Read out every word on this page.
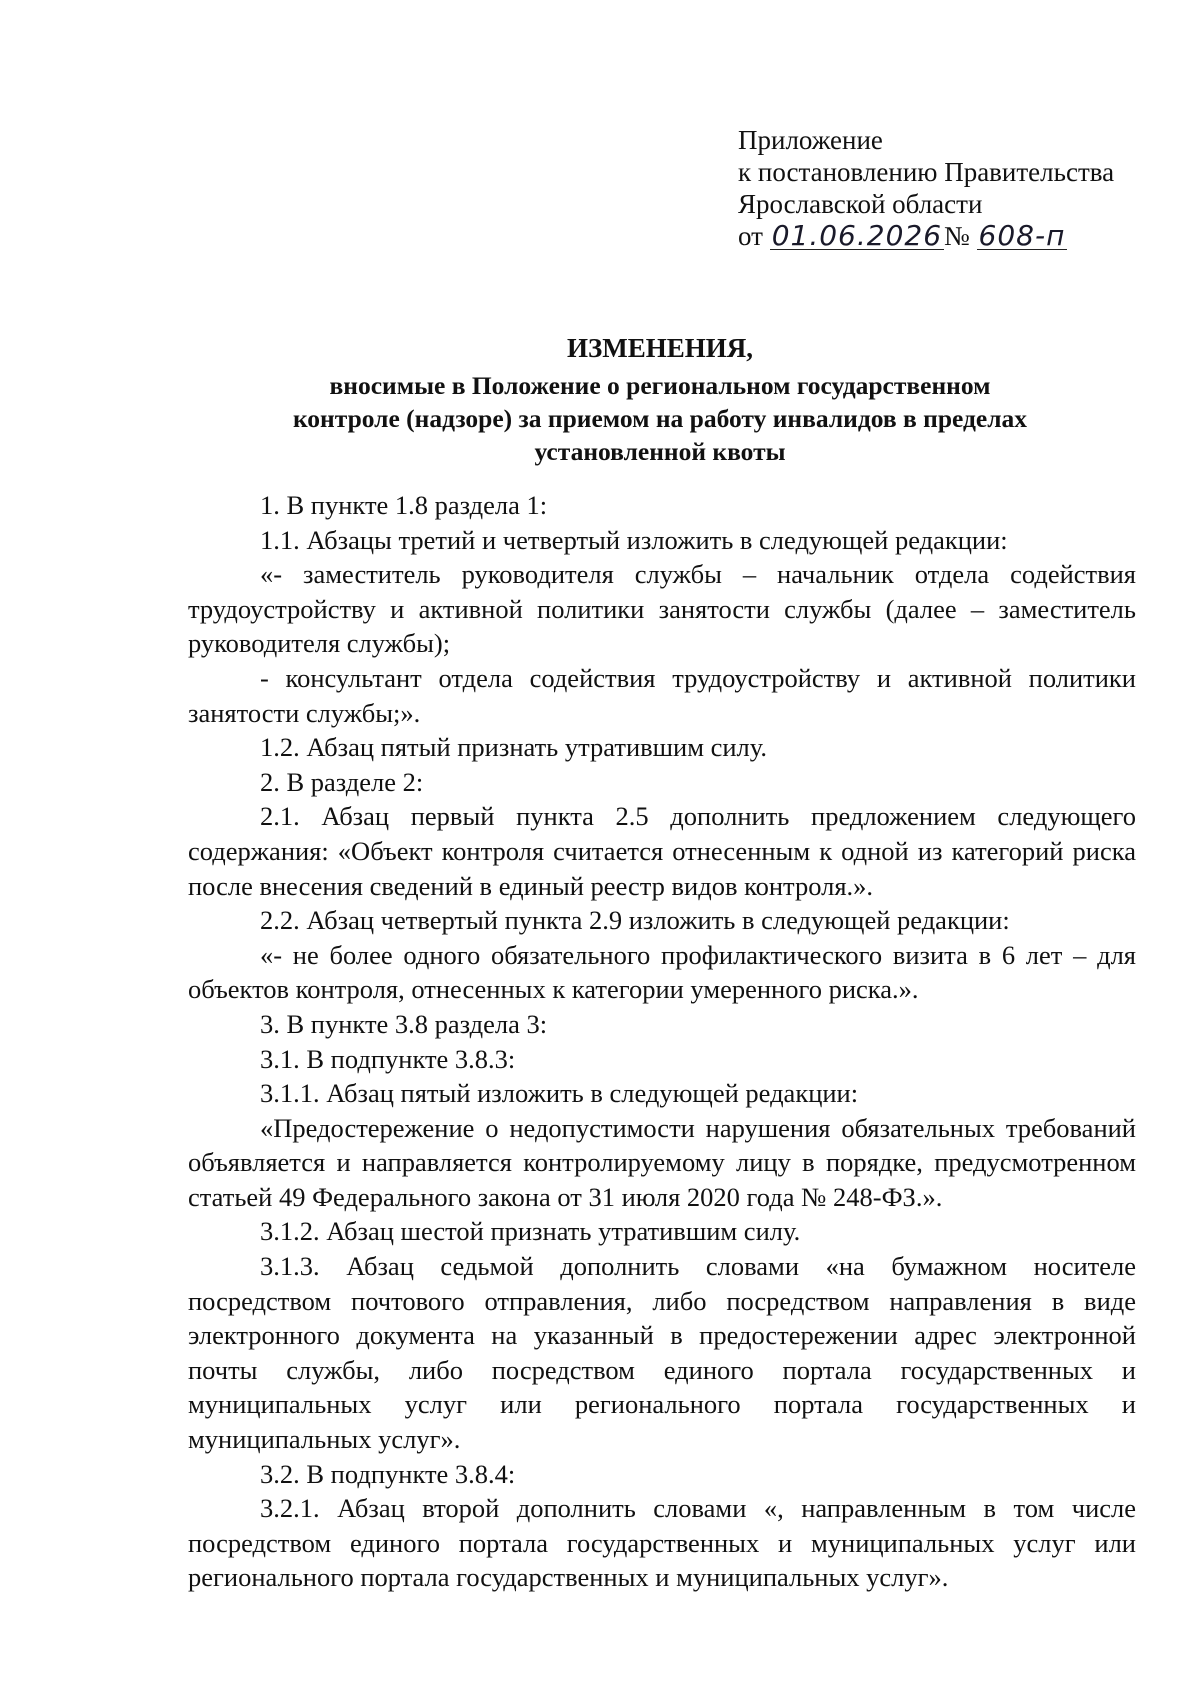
Приложение
к постановлению Правительства
Ярославской области
от 01.06.2026№ 608-п
ИЗМЕНЕНИЯ,
вносимые в Положение о региональном государственном
контроле (надзоре) за приемом на работу инвалидов в пределах
установленной квоты

1. В пункте 1.8 раздела 1:

1.1. Абзацы третий и четвертый изложить в следующей редакции:

«- заместитель руководителя службы – начальник отдела содействия трудоустройству и активной политики занятости службы (далее – заместитель руководителя службы);

- консультант отдела содействия трудоустройству и активной политики занятости службы;».

1.2. Абзац пятый признать утратившим силу.

2. В разделе 2:

2.1. Абзац первый пункта 2.5 дополнить предложением следующего содержания: «Объект контроля считается отнесенным к одной из категорий риска после внесения сведений в единый реестр видов контроля.».

2.2. Абзац четвертый пункта 2.9 изложить в следующей редакции:

«- не более одного обязательного профилактического визита в 6 лет – для объектов контроля, отнесенных к категории умеренного риска.».

3. В пункте 3.8 раздела 3:

3.1. В подпункте 3.8.3:

3.1.1. Абзац пятый изложить в следующей редакции:

«Предостережение о недопустимости нарушения обязательных требований объявляется и направляется контролируемому лицу в порядке, предусмотренном статьей 49 Федерального закона от 31 июля 2020 года № 248-ФЗ.».

3.1.2. Абзац шестой признать утратившим силу.

3.1.3. Абзац седьмой дополнить словами «на бумажном носителе посредством почтового отправления, либо посредством направления в виде электронного документа на указанный в предостережении адрес электронной почты службы, либо посредством единого портала государственных и муниципальных услуг или регионального портала государственных и муниципальных услуг».

3.2. В подпункте 3.8.4:

3.2.1. Абзац второй дополнить словами «, направленным в том числе посредством единого портала государственных и муниципальных услуг или регионального портала государственных и муниципальных услуг».
